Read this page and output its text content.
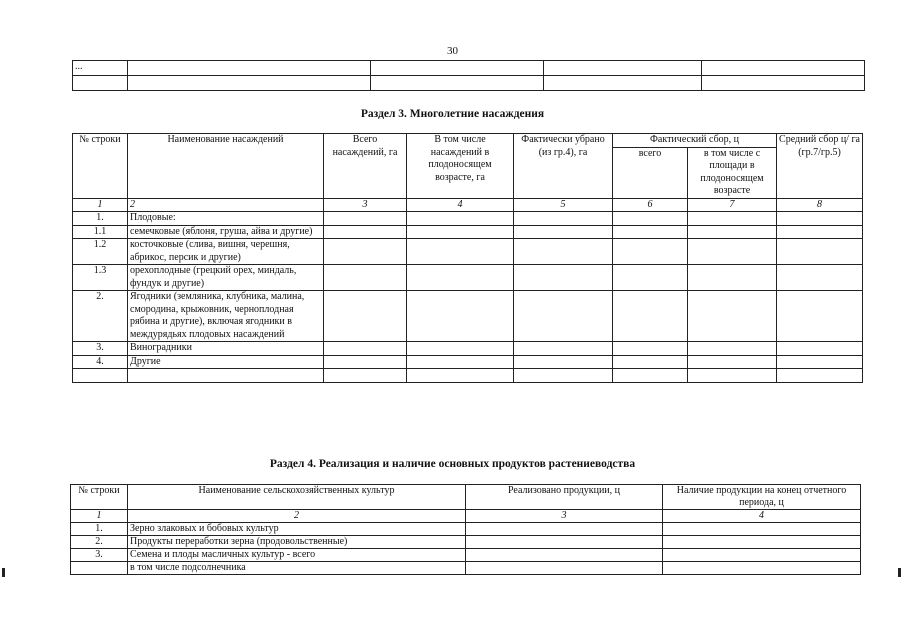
30
...				

Раздел 3. Многолетние насаждения
№ строки	Наименование насаждений	Всего насаждений, га	В том числе насаждений в плодоносящем возрасте, га	Фактически убрано (из гр.4), га	Фактический сбор, ц		Средний сбор ц/ га (гр.7/гр.5)
					всего	в том числе с площади в плодоносящем возрасте	
1	2	3	4	5	6	7	8
1.	Плодовые:						
1.1	семечковые (яблоня, груша, айва и другие)						
1.2	косточковые (слива, вишня, черешня, абрикос, персик и другие)						
1.3	орехоплодные (грецкий орех, миндаль, фундук и другие)						
2.	Ягодники (земляника, клубника, малина, смородина, крыжовник, черноплодная рябина и другие), включая ягодники в междурядьях плодовых насаждений						
3.	Виноградники						
4.	Другие						

Раздел 4. Реализация и наличие основных продуктов растениеводства
№ строки	Наименование сельскохозяйственных культур	Реализовано продукции, ц	Наличие продукции на конец отчетного периода, ц
1	2	3	4
1.	Зерно злаковых и бобовых культур		
2.	Продукты переработки зерна (продовольственные)		
3.	Семена и плоды масличных культур - всего		
	в том числе подсолнечника		
